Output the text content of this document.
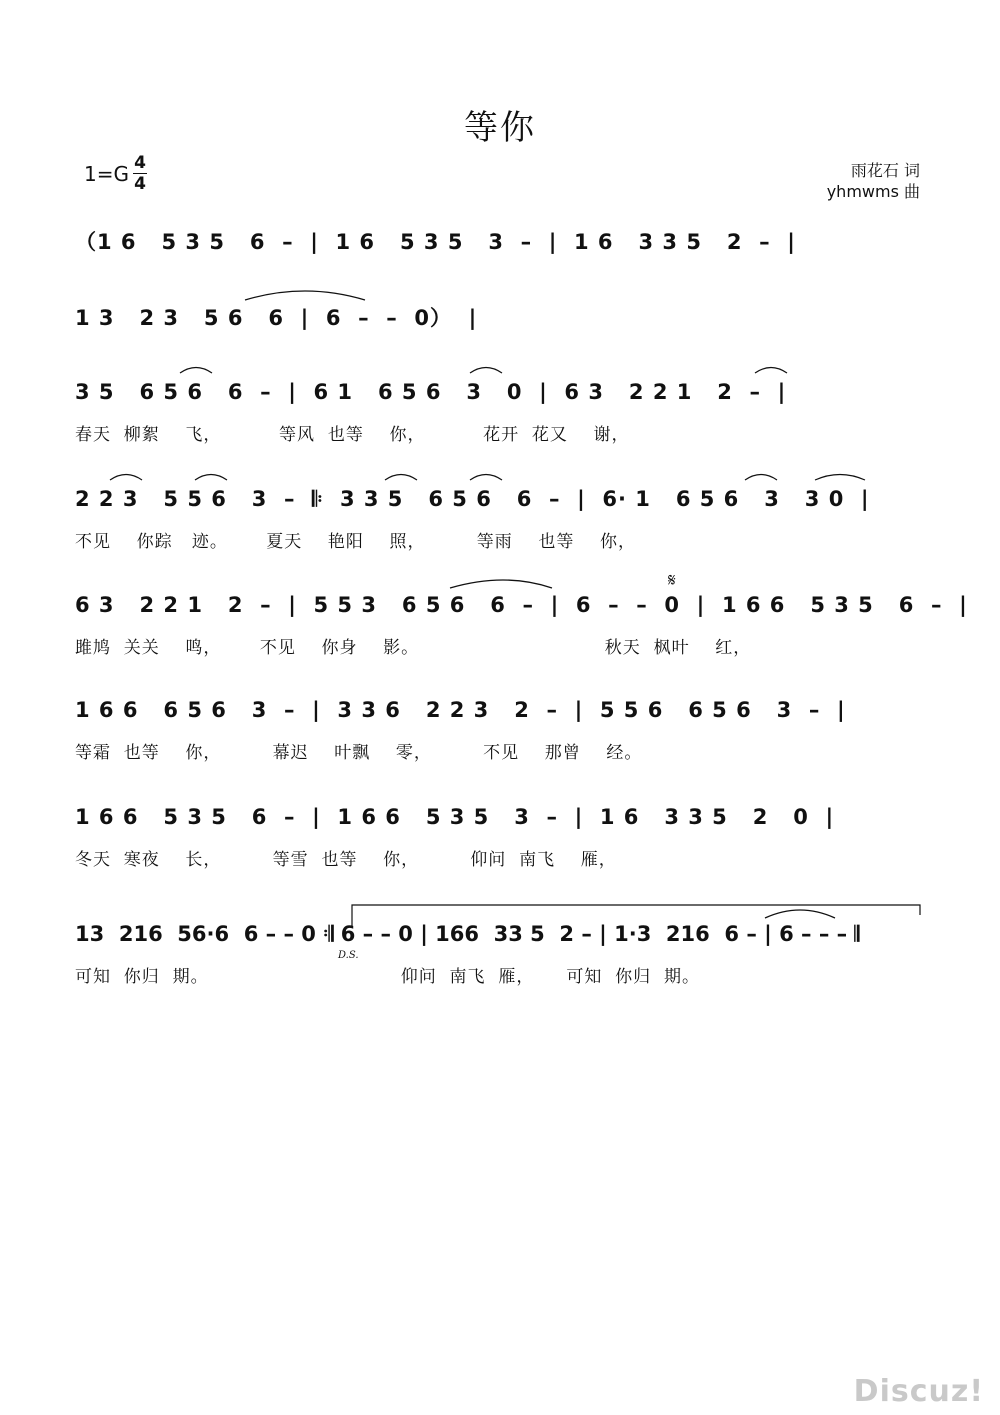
等你
1=G 4
4
雨花石 词
yhmwms 曲
（1 6   5 3 5   6  –  |  1 6   5 3 5   3  –  |  1 6   3 3 5   2  –  |
1 3   2 3   5 6   6  |  6  –  –  0）  |
3 5   6 5 6   6  –  |  6 1   6 5 6   3   0  |  6 3   2 2 1   2  –  |
春天  柳絮    飞，         等风  也等    你，         花开  花又    谢，
2 2 3   5 5 6   3  –  𝄆  3 3 5   6 5 6   6  –  |  6· 1   6 5 6   3   3 0  |
不见    你踪   迹。      夏天    艳阳    照，        等雨    也等    你，
6 3   2 2 1   2  –  |  5 5 3   6 5 6   6  –  |  6  –  –  0  |  1 6 6   5 3 5   6  –  |
雎鸠  关关    鸣，      不见    你身    影。                             秋天  枫叶    红，
1 6 6   6 5 6   3  –  |  3 3 6   2 2 3   2  –  |  5 5 6   6 5 6   3  –  |
等霜  也等    你，        幕迟    叶飘    零，        不见    那曾    经。
1 6 6   5 3 5   6  –  |  1 6 6   5 3 5   3  –  |  1 6   3 3 5   2   0  |
冬天  寒夜    长，        等雪  也等    你，        仰问  南飞    雁，
13  216  56·6  6 – – 0 𝄇 6 – – 0 | 166  33 5  2 – | 1·3  216  6 – | 6 – – – 𝄂
可知  你归  期。                              仰问  南飞  雁，     可知  你归  期。
D.S.
𝄋
Discuz!
